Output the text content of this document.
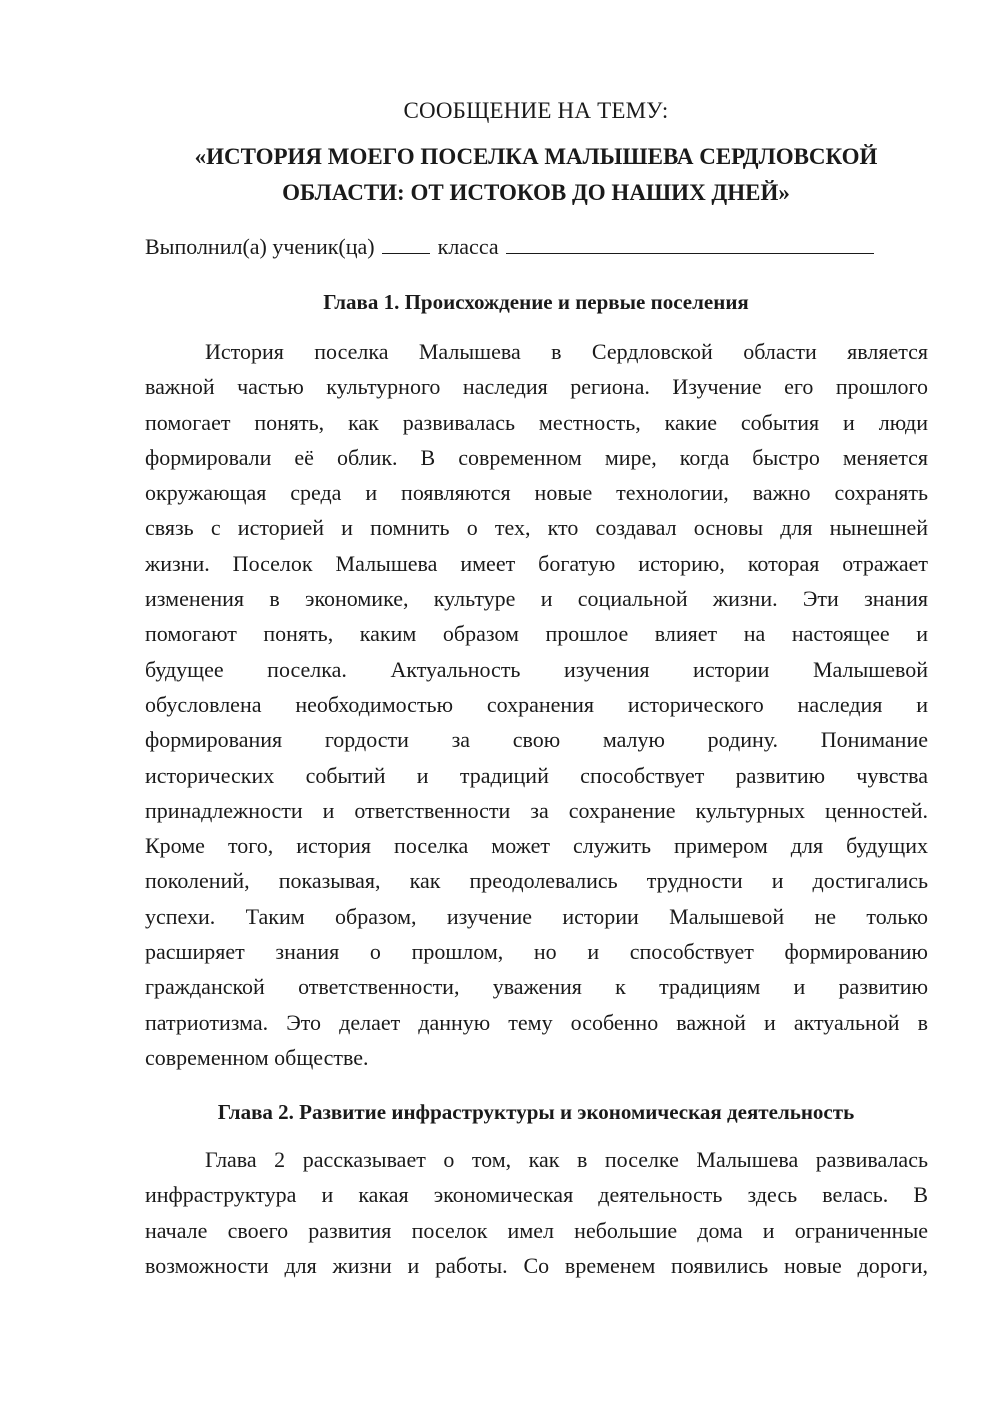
СООБЩЕНИЕ НА ТЕМУ:
«ИСТОРИЯ МОЕГО ПОСЕЛКА МАЛЫШЕВА СЕРДЛОВСКОЙ
ОБЛАСТИ: ОТ ИСТОКОВ ДО НАШИХ ДНЕЙ»
Выполнил(а) ученик(ца)	класса
Глава 1. Происхождение и первые поселения
История поселка Малышева в Сердловской области является
важной частью культурного наследия региона. Изучение его прошлого
помогает понять, как развивалась местность, какие события и люди
формировали её облик. В современном мире, когда быстро меняется
окружающая среда и появляются новые технологии, важно сохранять
связь с историей и помнить о тех, кто создавал основы для нынешней
жизни. Поселок Малышева имеет богатую историю, которая отражает
изменения в экономике, культуре и социальной жизни. Эти знания
помогают понять, каким образом прошлое влияет на настоящее и
будущее поселка. Актуальность изучения истории Малышевой
обусловлена необходимостью сохранения исторического наследия и
формирования гордости за свою малую родину. Понимание
исторических событий и традиций способствует развитию чувства
принадлежности и ответственности за сохранение культурных ценностей.
Кроме того, история поселка может служить примером для будущих
поколений, показывая, как преодолевались трудности и достигались
успехи. Таким образом, изучение истории Малышевой не только
расширяет знания о прошлом, но и способствует формированию
гражданской ответственности, уважения к традициям и развитию
патриотизма. Это делает данную тему особенно важной и актуальной в
современном обществе.
Глава 2. Развитие инфраструктуры и экономическая деятельность
Глава 2 рассказывает о том, как в поселке Малышева развивалась
инфраструктура и какая экономическая деятельность здесь велась. В
начале своего развития поселок имел небольшие дома и ограниченные
возможности для жизни и работы. Со временем появились новые дороги,
